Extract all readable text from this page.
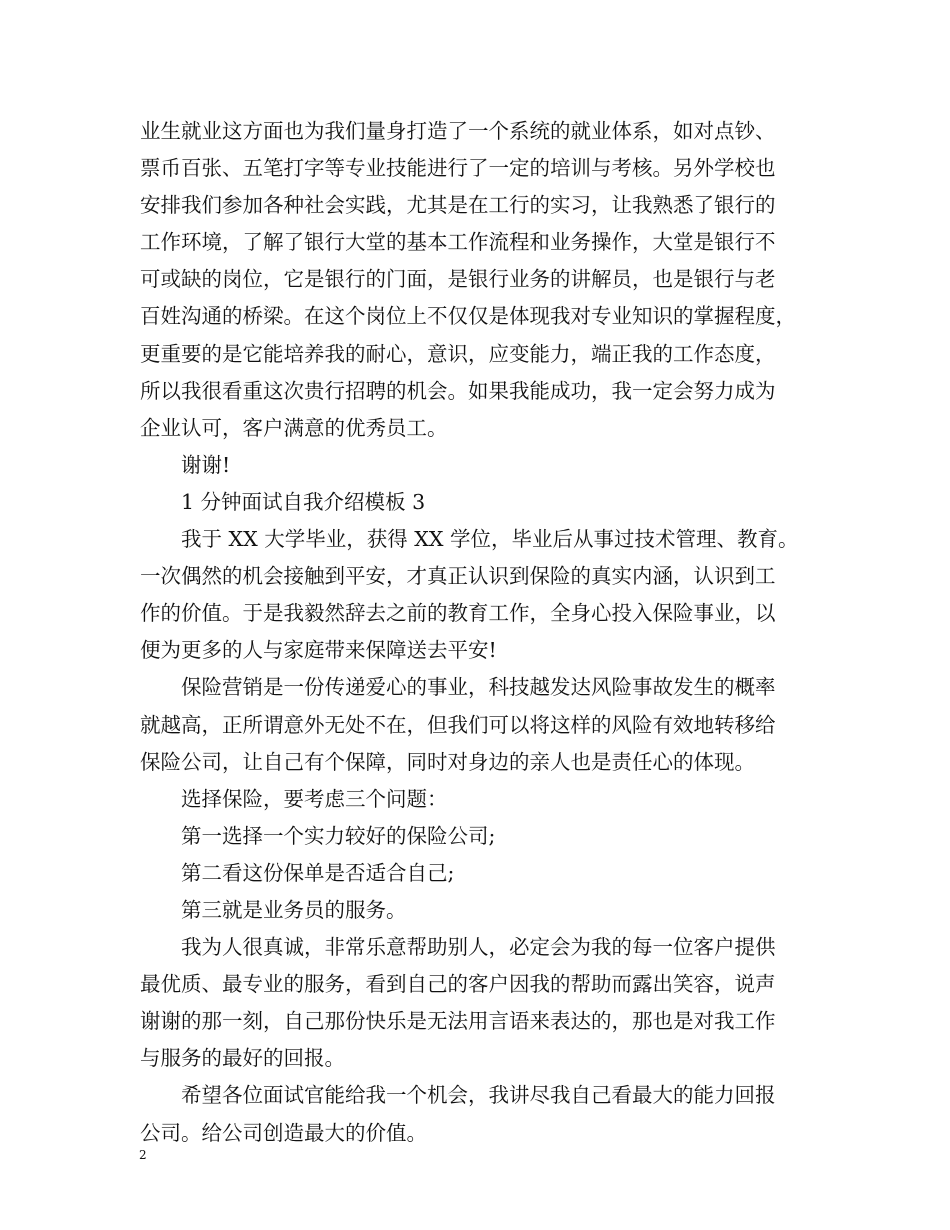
业生就业这方面也为我们量身打造了一个系统的就业体系，如对点钞、
票币百张、五笔打字等专业技能进行了一定的培训与考核。另外学校也
安排我们参加各种社会实践，尤其是在工行的实习，让我熟悉了银行的
工作环境，了解了银行大堂的基本工作流程和业务操作，大堂是银行不
可或缺的岗位，它是银行的门面，是银行业务的讲解员，也是银行与老
百姓沟通的桥梁。在这个岗位上不仅仅是体现我对专业知识的掌握程度，
更重要的是它能培养我的耐心，意识，应变能力，端正我的工作态度，
所以我很看重这次贵行招聘的机会。如果我能成功，我一定会努力成为
企业认可，客户满意的优秀员工。
谢谢!
1 分钟面试自我介绍模板 3
我于 XX 大学毕业，获得 XX 学位，毕业后从事过技术管理、教育。
一次偶然的机会接触到平安，才真正认识到保险的真实内涵，认识到工
作的价值。于是我毅然辞去之前的教育工作，全身心投入保险事业，以
便为更多的人与家庭带来保障送去平安!
保险营销是一份传递爱心的事业，科技越发达风险事故发生的概率
就越高，正所谓意外无处不在，但我们可以将这样的风险有效地转移给
保险公司，让自己有个保障，同时对身边的亲人也是责任心的体现。
选择保险，要考虑三个问题：
第一选择一个实力较好的保险公司;
第二看这份保单是否适合自己;
第三就是业务员的服务。
我为人很真诚，非常乐意帮助别人，必定会为我的每一位客户提供
最优质、最专业的服务，看到自己的客户因我的帮助而露出笑容，说声
谢谢的那一刻，自己那份快乐是无法用言语来表达的，那也是对我工作
与服务的最好的回报。
希望各位面试官能给我一个机会，我讲尽我自己看最大的能力回报
公司。给公司创造最大的价值。
2
